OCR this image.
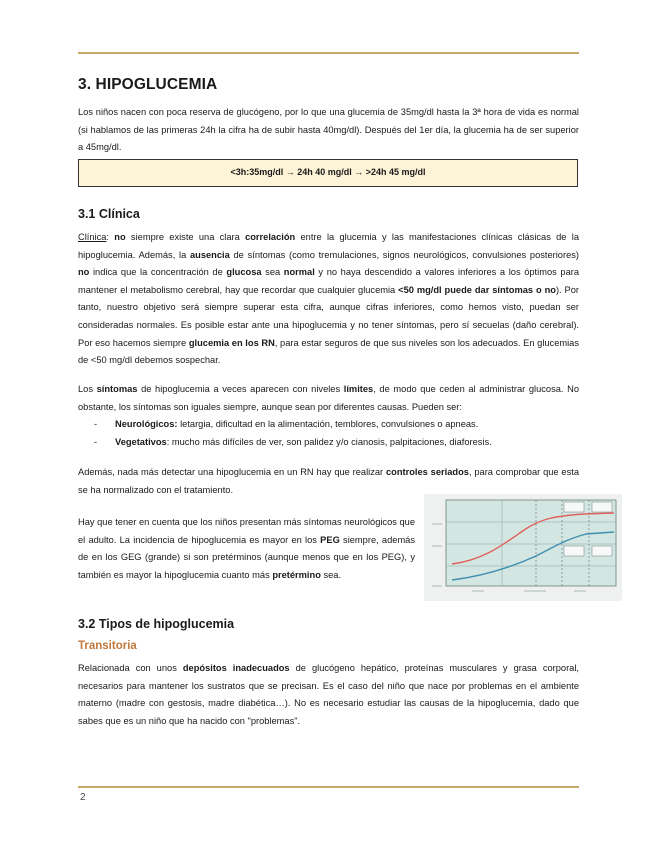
3. HIPOGLUCEMIA

Los niños nacen con poca reserva de glucógeno, por lo que una glucemia de 35mg/dl hasta la 3ª hora de vida es normal (si hablamos de las primeras 24h la cifra ha de subir hasta 40mg/dl). Después del 1er día, la glucemia ha de ser superior a 45mg/dl.

<3h:35mg/dl → 24h 40 mg/dl → >24h 45 mg/dl
3.1 Clínica

Clínica: no siempre existe una clara correlación entre la glucemia y las manifestaciones clínicas clásicas de la hipoglucemia. Además, la ausencia de síntomas (como tremulaciones, signos neurológicos, convulsiones posteriores) no indica que la concentración de glucosa sea normal y no haya descendido a valores inferiores a los óptimos para mantener el metabolismo cerebral, hay que recordar que cualquier glucemia <50 mg/dl puede dar síntomas o no). Por tanto, nuestro objetivo será siempre superar esta cifra, aunque cifras inferiores, como hemos visto, puedan ser consideradas normales. Es posible estar ante una hipoglucemia y no tener síntomas, pero sí secuelas (daño cerebral). Por eso hacemos siempre glucemia en los RN, para estar seguros de que sus niveles son los adecuados. En glucemias de <50 mg/dl debemos sospechar.

Los síntomas de hipoglucemia a veces aparecen con niveles límites, de modo que ceden al administrar glucosa. No obstante, los síntomas son iguales siempre, aunque sean por diferentes causas. Pueden ser:

- Neurológicos: letargia, dificultad en la alimentación, temblores, convulsiones o apneas.
- Vegetativos: mucho más difíciles de ver, son palidez y/o cianosis, palpitaciones, diaforesis.

Además, nada más detectar una hipoglucemia en un RN hay que realizar controles seriados, para comprobar que esta se ha normalizado con el tratamiento.

Hay que tener en cuenta que los niños presentan más síntomas neurológicos que el adulto. La incidencia de hipoglucemia es mayor en los PEG siempre, además de en los GEG (grande) si son pretérminos (aunque menos que en los PEG), y también es mayor la hipoglucemia cuanto más pretérmino sea.

3.2 Tipos de hipoglucemia
Transitoria

Relacionada con unos depósitos inadecuados de glucógeno hepático, proteínas musculares y grasa corporal, necesarios para mantener los sustratos que se precisan. Es el caso del niño que nace por problemas en el ambiente materno (madre con gestosis, madre diabética…). No es necesario estudiar las causas de la hipoglucemia, dado que sabes que es un niño que ha nacido con "problemas".

2
